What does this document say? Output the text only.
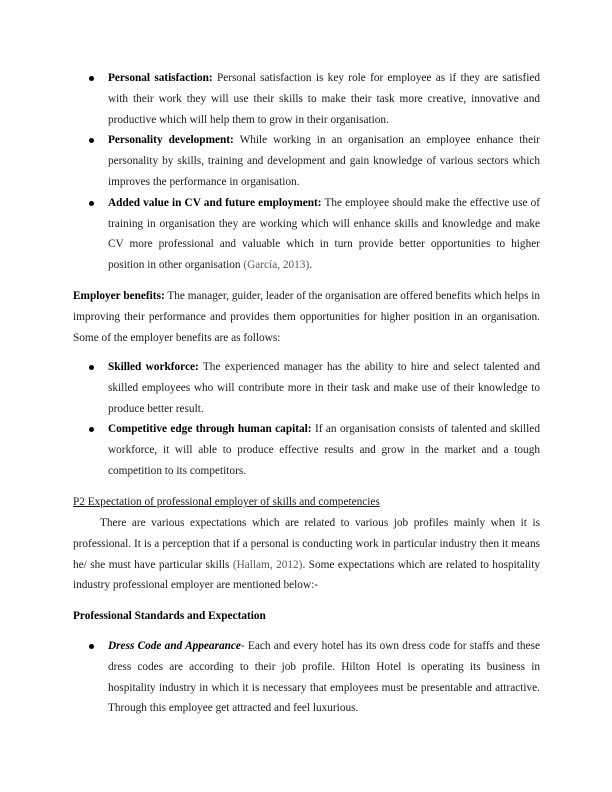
Personal satisfaction: Personal satisfaction is key role for employee as if they are satisfied with their work they will use their skills to make their task more creative, innovative and productive which will help them to grow in their organisation.
Personality development: While working in an organisation an employee enhance their personality by skills, training and development and gain knowledge of various sectors which improves the performance in organisation.
Added value in CV and future employment: The employee should make the effective use of training in organisation they are working which will enhance skills and knowledge and make CV more professional and valuable which in turn provide better opportunities to higher position in other organisation (García, 2013).

Employer benefits: The manager, guider, leader of the organisation are offered benefits which helps in improving their performance and provides them opportunities for higher position in an organisation. Some of the employer benefits are as follows:

Skilled workforce: The experienced manager has the ability to hire and select talented and skilled employees who will contribute more in their task and make use of their knowledge to produce better result.
Competitive edge through human capital: If an organisation consists of talented and skilled workforce, it will able to produce effective results and grow in the market and a tough competition to its competitors.

P2 Expectation of professional employer of skills and competencies

There are various expectations which are related to various job profiles mainly when it is professional. It is a perception that if a personal is conducting work in particular industry then it means he/ she must have particular skills (Hallam, 2012). Some expectations which are related to hospitality industry professional employer are mentioned below:-

Professional Standards and Expectation

Dress Code and Appearance- Each and every hotel has its own dress code for staffs and these dress codes are according to their job profile. Hilton Hotel is operating its business in hospitality industry in which it is necessary that employees must be presentable and attractive. Through this employee get attracted and feel luxurious.
